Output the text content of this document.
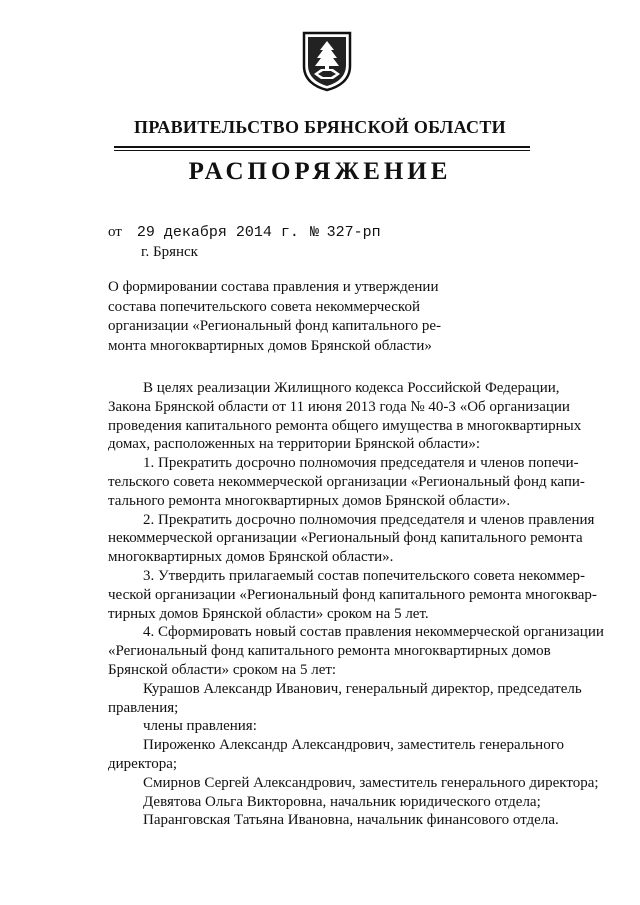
ПРАВИТЕЛЬСТВО БРЯНСКОЙ ОБЛАСТИ
РАСПОРЯЖЕНИЕ
от 29 декабря 2014 г. № 327-рп
г. Брянск
О формировании состава правления и утверждении
состава попечительского совета некоммерческой
организации «Региональный фонд капитального ре-
монта многоквартирных домов Брянской области»
В целях реализации Жилищного кодекса Российской Федерации,
Закона Брянской области от 11 июня 2013 года № 40-З «Об организации
проведения капитального ремонта общего имущества в многоквартирных
домах, расположенных на территории Брянской области»:
1. Прекратить досрочно полномочия председателя и членов попечи-
тельского совета некоммерческой организации «Региональный фонд капи-
тального ремонта многоквартирных домов Брянской области».
2. Прекратить досрочно полномочия председателя и членов правления
некоммерческой организации «Региональный фонд капитального ремонта
многоквартирных домов Брянской области».
3. Утвердить прилагаемый состав попечительского совета некоммер-
ческой организации «Региональный фонд капитального ремонта многоквар-
тирных домов Брянской области» сроком на 5 лет.
4. Сформировать новый состав правления некоммерческой организации
«Региональный фонд капитального ремонта многоквартирных домов
Брянской области» сроком на 5 лет:
Курашов Александр Иванович, генеральный директор, председатель
правления;
члены правления:
Пироженко Александр Александрович, заместитель генерального
директора;
Смирнов Сергей Александрович, заместитель генерального директора;
Девятова Ольга Викторовна, начальник юридического отдела;
Паранговская Татьяна Ивановна, начальник финансового отдела.
